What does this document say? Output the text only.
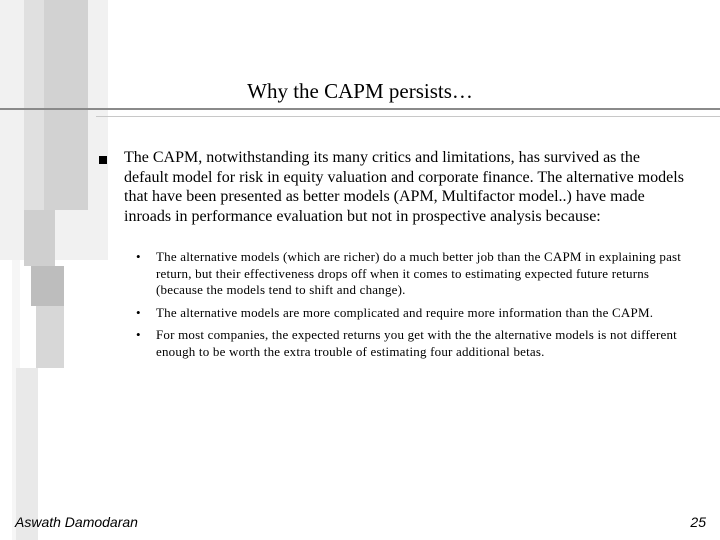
Why the CAPM persists…

The CAPM, notwithstanding its many critics and limitations, has survived as the default model for risk in equity valuation and corporate finance. The alternative models that have been presented as better models (APM, Multifactor model..) have made inroads in performance evaluation but not in prospective analysis because:

• The alternative models (which are richer) do a much better job than the CAPM in explaining past return, but their effectiveness drops off when it comes to estimating expected future returns (because the models tend to shift and change).
• The alternative models are more complicated and require more information than the CAPM.
• For most companies, the expected returns you get with the the alternative models is not different enough to be worth the extra trouble of estimating four additional betas.
Aswath Damodaran	25
